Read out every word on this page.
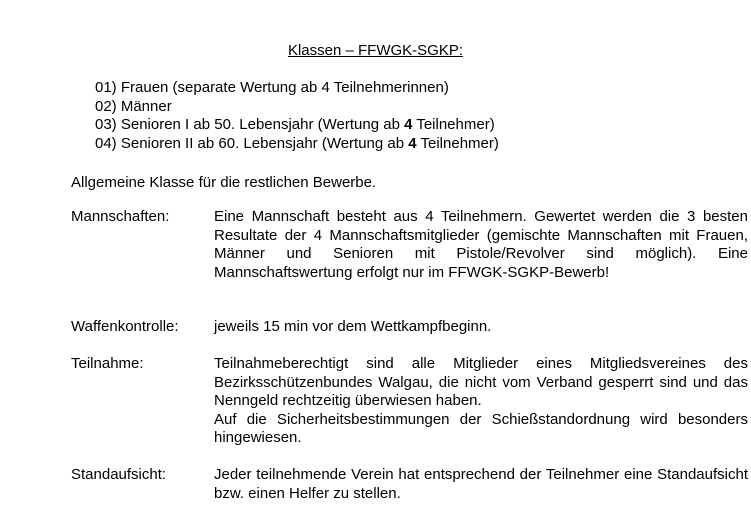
Klassen – FFWGK-SGKP:
01) Frauen (separate Wertung ab 4 Teilnehmerinnen)
02) Männer
03) Senioren I ab 50. Lebensjahr (Wertung ab 4 Teilnehmer)
04) Senioren II ab 60. Lebensjahr (Wertung ab 4 Teilnehmer)
Allgemeine Klasse für die restlichen Bewerbe.
Mannschaften:	Eine Mannschaft besteht aus 4 Teilnehmern. Gewertet werden die 3 besten Resultate der 4 Mannschaftsmitglieder (gemischte Mannschaften mit Frauen, Männer und Senioren mit Pistole/Revolver sind möglich). Eine Mannschaftswertung erfolgt nur im FFWGK-SGKP-Bewerb!
Waffenkontrolle: jeweils 15 min vor dem Wettkampfbeginn.
Teilnahme:	Teilnahmeberechtigt sind alle Mitglieder eines Mitgliedsvereines des Bezirksschützenbundes Walgau, die nicht vom Verband gesperrt sind und das Nenngeld rechtzeitig überwiesen haben.
Auf die Sicherheitsbestimmungen der Schießstandordnung wird besonders hingewiesen.
Standaufsicht:	Jeder teilnehmende Verein hat entsprechend der Teilnehmer eine Standaufsicht bzw. einen Helfer zu stellen.
